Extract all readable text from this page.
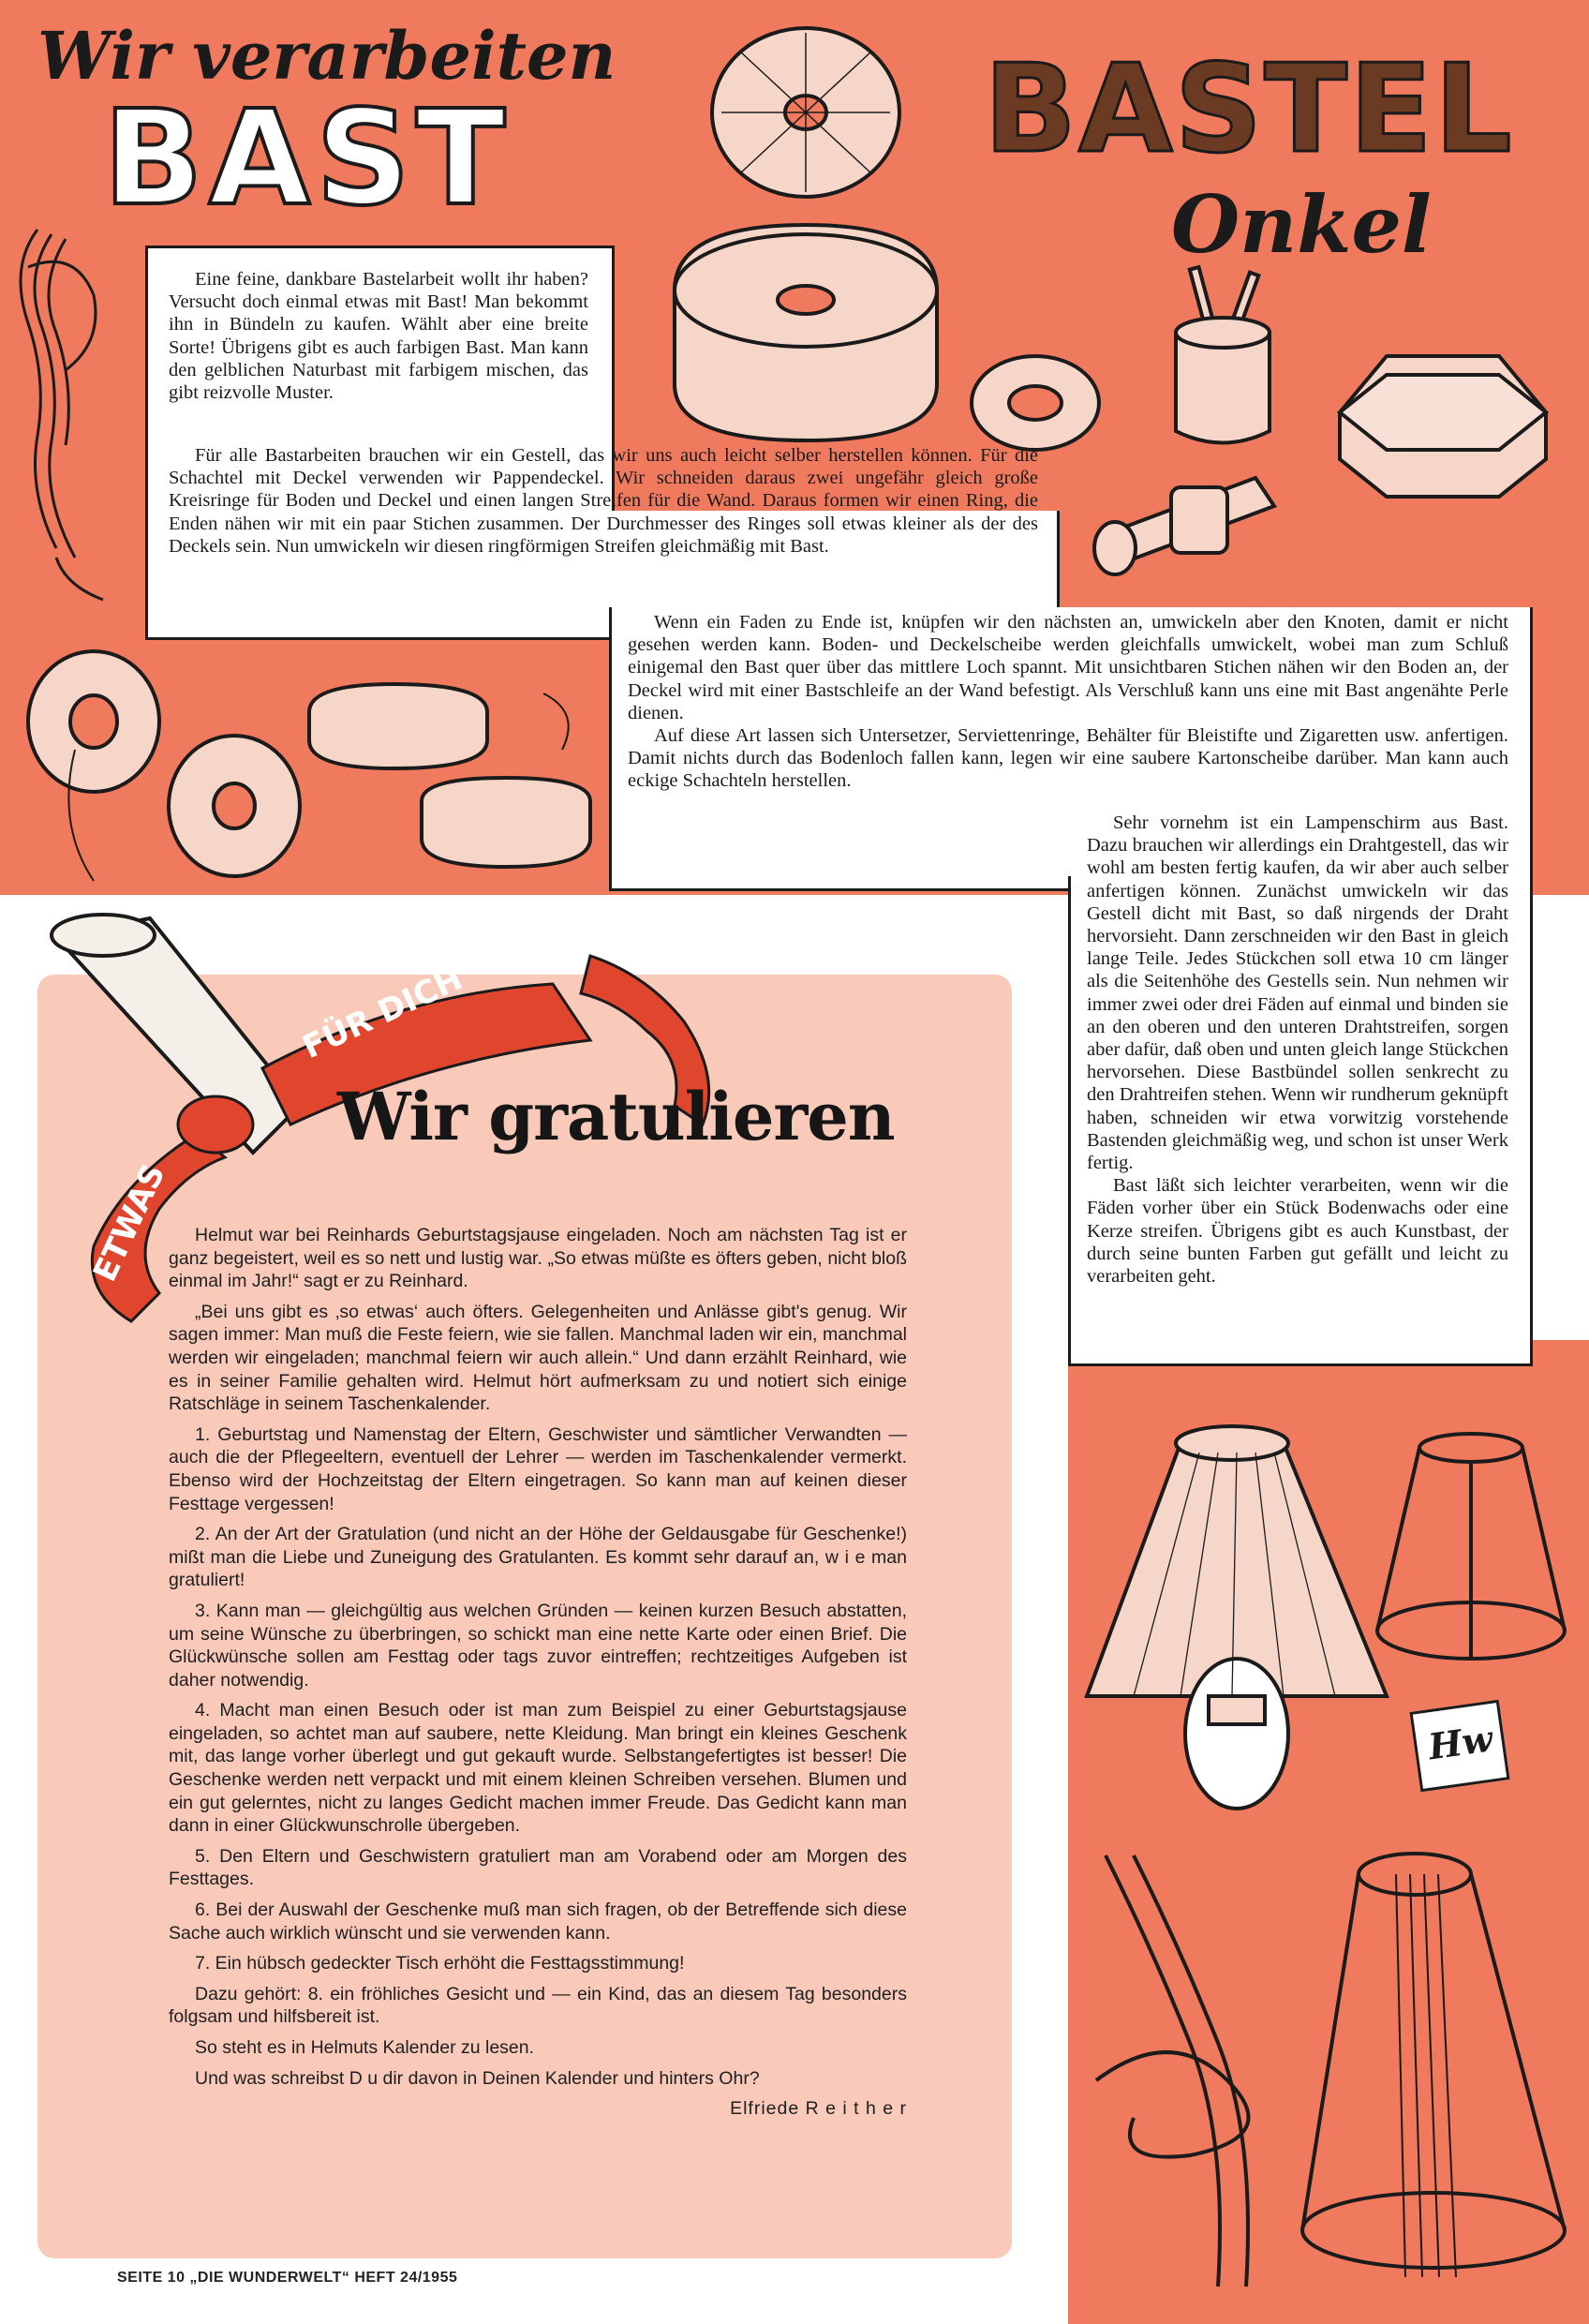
Wir verarbeiten
BAST	BASTEL
Onkel

Eine feine, dankbare Bastelarbeit wollt ihr haben? Versucht doch einmal etwas mit Bast! Man bekommt ihn in Bündeln zu kaufen. Wählt aber eine breite Sorte! Übrigens gibt es auch farbigen Bast. Man kann den gelblichen Naturbast mit farbigem mischen, das gibt reizvolle Muster.

Für alle Bastarbeiten brauchen wir ein Gestell, das wir uns auch leicht selber herstellen können. Für die Schachtel mit Deckel verwenden wir Pappendeckel. Wir schneiden daraus zwei ungefähr gleich große Kreisringe für Boden und Deckel und einen langen Streifen für die Wand. Daraus formen wir einen Ring, die Enden nähen wir mit ein paar Stichen zusammen. Der Durchmesser des Ringes soll etwas kleiner als der des Deckels sein. Nun umwickeln wir diesen ringförmigen Streifen gleichmäßig mit Bast.

Wenn ein Faden zu Ende ist, knüpfen wir den nächsten an, umwickeln aber den Knoten, damit er nicht gesehen werden kann. Boden- und Deckelscheibe werden gleichfalls umwickelt, wobei man zum Schluß einigemal den Bast quer über das mittlere Loch spannt. Mit unsichtbaren Stichen nähen wir den Boden an, der Deckel wird mit einer Bastschleife an der Wand befestigt. Als Verschluß kann uns eine mit Bast angenähte Perle dienen.

Auf diese Art lassen sich Untersetzer, Serviettenringe, Behälter für Bleistifte und Zigaretten usw. anfertigen. Damit nichts durch das Bodenloch fallen kann, legen wir eine saubere Kartonscheibe darüber. Man kann auch eckige Schachteln herstellen.

Sehr vornehm ist ein Lampenschirm aus Bast. Dazu brauchen wir allerdings ein Drahtgestell, das wir wohl am besten fertig kaufen, da wir aber auch selber anfertigen können. Zunächst umwickeln wir das Gestell dicht mit Bast, so daß nirgends der Draht hervorsieht. Dann zerschneiden wir den Bast in gleich lange Teile. Jedes Stückchen soll etwa 10 cm länger als die Seitenhöhe des Gestells sein. Nun nehmen wir immer zwei oder drei Fäden auf einmal und binden sie an den oberen und den unteren Drahtstreifen, sorgen aber dafür, daß oben und unten gleich lange Stückchen hervorsehen. Diese Bastbündel sollen senkrecht zu den Drahtreifen stehen. Wenn wir rundherum geknüpft haben, schneiden wir etwa vorwitzig vorstehende Bastenden gleichmäßig weg, und schon ist unser Werk fertig.

Bast läßt sich leichter verarbeiten, wenn wir die Fäden vorher über ein Stück Bodenwachs oder eine Kerze streifen. Übrigens gibt es auch Kunstbast, der durch seine bunten Farben gut gefällt und leicht zu verarbeiten geht.

FÜR DICH
ETWAS
Wir gratulieren

Helmut war bei Reinhards Geburtstagsjause eingeladen. Noch am nächsten Tag ist er ganz begeistert, weil es so nett und lustig war. „So etwas müßte es öfters geben, nicht bloß einmal im Jahr!“ sagt er zu Reinhard.

„Bei uns gibt es ‚so etwas‘ auch öfters. Gelegenheiten und Anlässe gibt's genug. Wir sagen immer: Man muß die Feste feiern, wie sie fallen. Manchmal laden wir ein, manchmal werden wir eingeladen; manchmal feiern wir auch allein.“ Und dann erzählt Reinhard, wie es in seiner Familie gehalten wird. Helmut hört aufmerksam zu und notiert sich einige Ratschläge in seinem Taschenkalender.

1. Geburtstag und Namenstag der Eltern, Geschwister und sämtlicher Verwandten — auch die der Pflegeeltern, eventuell der Lehrer — werden im Taschenkalender vermerkt. Ebenso wird der Hochzeitstag der Eltern eingetragen. So kann man auf keinen dieser Festtage vergessen!

2. An der Art der Gratulation (und nicht an der Höhe der Geldausgabe für Geschenke!) mißt man die Liebe und Zuneigung des Gratulanten. Es kommt sehr darauf an, w i e man gratuliert!

3. Kann man — gleichgültig aus welchen Gründen — keinen kurzen Besuch abstatten, um seine Wünsche zu überbringen, so schickt man eine nette Karte oder einen Brief. Die Glückwünsche sollen am Festtag oder tags zuvor eintreffen; rechtzeitiges Aufgeben ist daher notwendig.

4. Macht man einen Besuch oder ist man zum Beispiel zu einer Geburtstagsjause eingeladen, so achtet man auf saubere, nette Kleidung. Man bringt ein kleines Geschenk mit, das lange vorher überlegt und gut gekauft wurde. Selbstangefertigtes ist besser! Die Geschenke werden nett verpackt und mit einem kleinen Schreiben versehen. Blumen und ein gut gelerntes, nicht zu langes Gedicht machen immer Freude. Das Gedicht kann man dann in einer Glückwunschrolle übergeben.

5. Den Eltern und Geschwistern gratuliert man am Vorabend oder am Morgen des Festtages.

6. Bei der Auswahl der Geschenke muß man sich fragen, ob der Betreffende sich diese Sache auch wirklich wünscht und sie verwenden kann.

7. Ein hübsch gedeckter Tisch erhöht die Festtagsstimmung!

Dazu gehört: 8. ein fröhliches Gesicht und — ein Kind, das an diesem Tag besonders folgsam und hilfsbereit ist.

So steht es in Helmuts Kalender zu lesen.

Und was schreibst D u dir davon in Deinen Kalender und hinters Ohr?

Elfriede R e i t h e r

Hw
SEITE 10 „DIE WUNDERWELT“ HEFT 24/1955
